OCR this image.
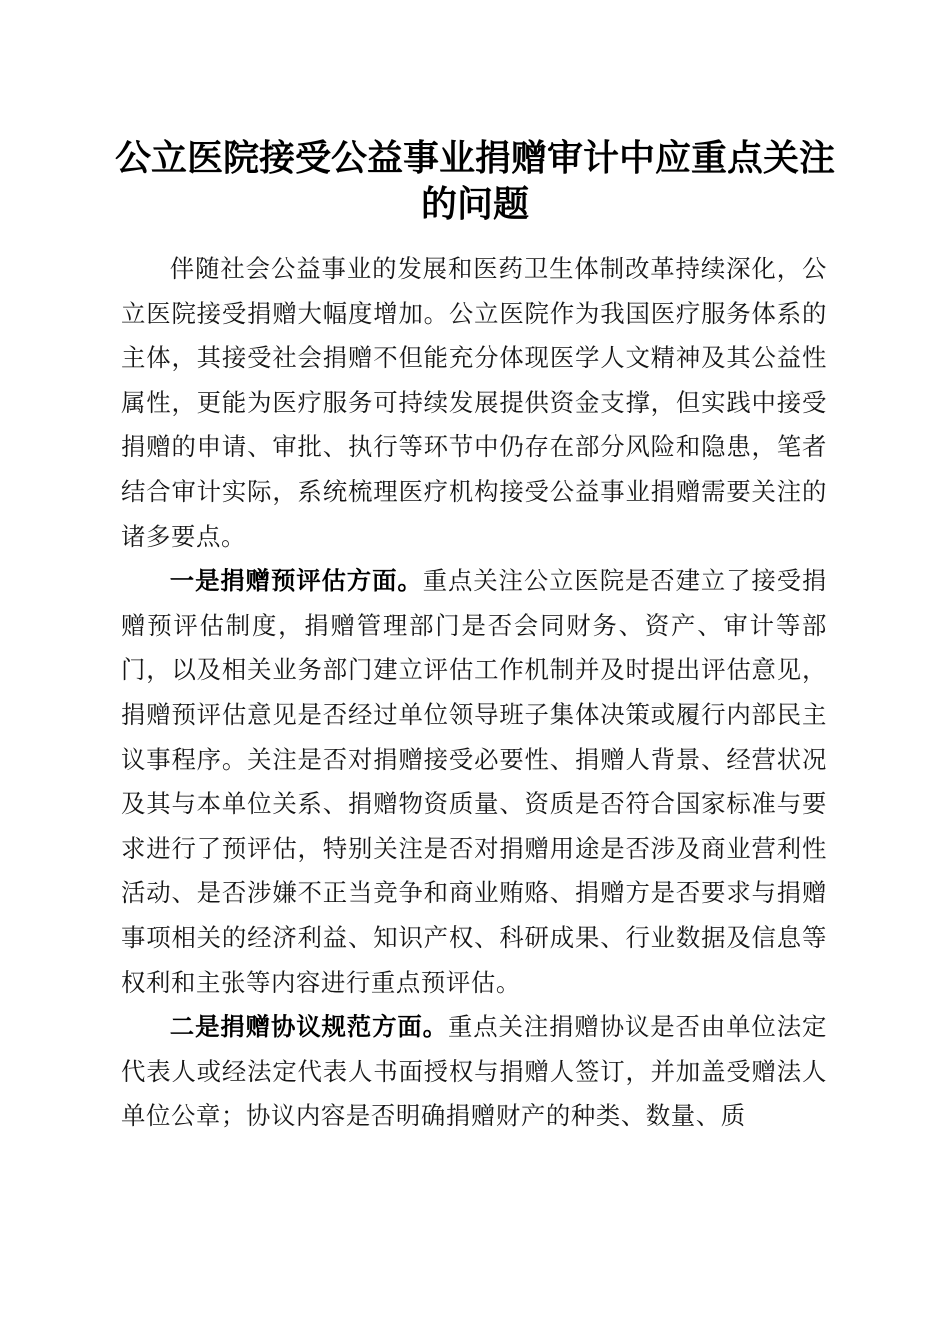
公立医院接受公益事业捐赠审计中应重点关注
的问题

伴随社会公益事业的发展和医药卫生体制改革持续深化，公立医院接受捐赠大幅度增加。公立医院作为我国医疗服务体系的主体，其接受社会捐赠不但能充分体现医学人文精神及其公益性属性，更能为医疗服务可持续发展提供资金支撑，但实践中接受捐赠的申请、审批、执行等环节中仍存在部分风险和隐患，笔者结合审计实际，系统梳理医疗机构接受公益事业捐赠需要关注的诸多要点。

一是捐赠预评估方面。重点关注公立医院是否建立了接受捐赠预评估制度，捐赠管理部门是否会同财务、资产、审计等部门，以及相关业务部门建立评估工作机制并及时提出评估意见，捐赠预评估意见是否经过单位领导班子集体决策或履行内部民主议事程序。关注是否对捐赠接受必要性、捐赠人背景、经营状况及其与本单位关系、捐赠物资质量、资质是否符合国家标准与要求进行了预评估，特别关注是否对捐赠用途是否涉及商业营利性活动、是否涉嫌不正当竞争和商业贿赂、捐赠方是否要求与捐赠事项相关的经济利益、知识产权、科研成果、行业数据及信息等权利和主张等内容进行重点预评估。

二是捐赠协议规范方面。重点关注捐赠协议是否由单位法定代表人或经法定代表人书面授权与捐赠人签订，并加盖受赠法人单位公章；协议内容是否明确捐赠财产的种类、数量、质
